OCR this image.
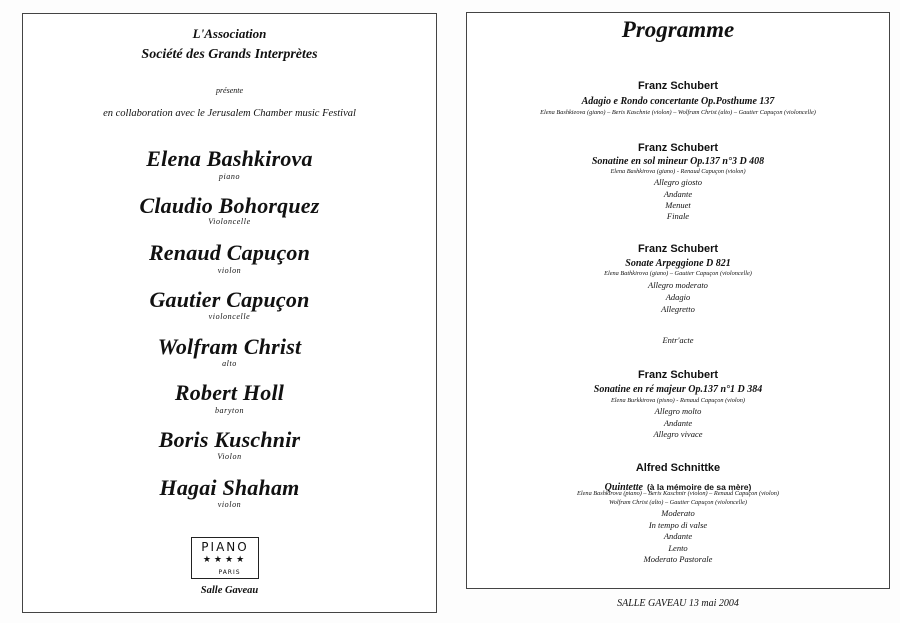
L'Association
Société des Grands Interprètes
présente
en collaboration avec le Jerusalem Chamber music Festival
Elena Bashkirova
piano
Claudio Bohorquez
Violoncelle
Renaud Capuçon
violon
Gautier Capuçon
violoncelle
Wolfram Christ
alto
Robert Holl
baryton
Boris Kuschnir
Violon
Hagai Shaham
violon
PIANO
★★★★
PARIS
Salle Gaveau
Programme
Franz Schubert
Adagio e Rondo concertante Op.Posthume 137
Elena Bashkieova (giano) – Beris Kaschnie (violon) – Wolfram Christ (alto) – Gautier Capuçon (violoncelle)
Franz Schubert
Sonatine en sol mineur Op.137 n°3 D 408
Elena Bashkirova (giano) - Renaud Capuçon (violon)
Allegro giosto
Andante
Menuet
Finale
Franz Schubert
Sonate Arpeggione D 821
Elena Bathkirova (giano) – Gautier Capuçon (violoncelle)
Allegro moderato
Adagio
Allegretto
Entr'acte
Franz Schubert
Sonatine en ré majeur Op.137 n°1 D 384
Elena Burkkirova (pisno) - Renaud Capuçon (violon)
Allegro molto
Andante
Allegro vivace
Alfred Schnittke
Quintette (à la mémoire de sa mère)
Elena Bashkirova (piano) – Beris Kaschnir (violon) – Renaud Capuçon (violon)
Wolfram Christ (alto) – Gautier Capuçon (violoncelle)
Moderato
In tempo di valse
Andante
Lento
Moderato Pastorale
SALLE GAVEAU 13 mai 2004
